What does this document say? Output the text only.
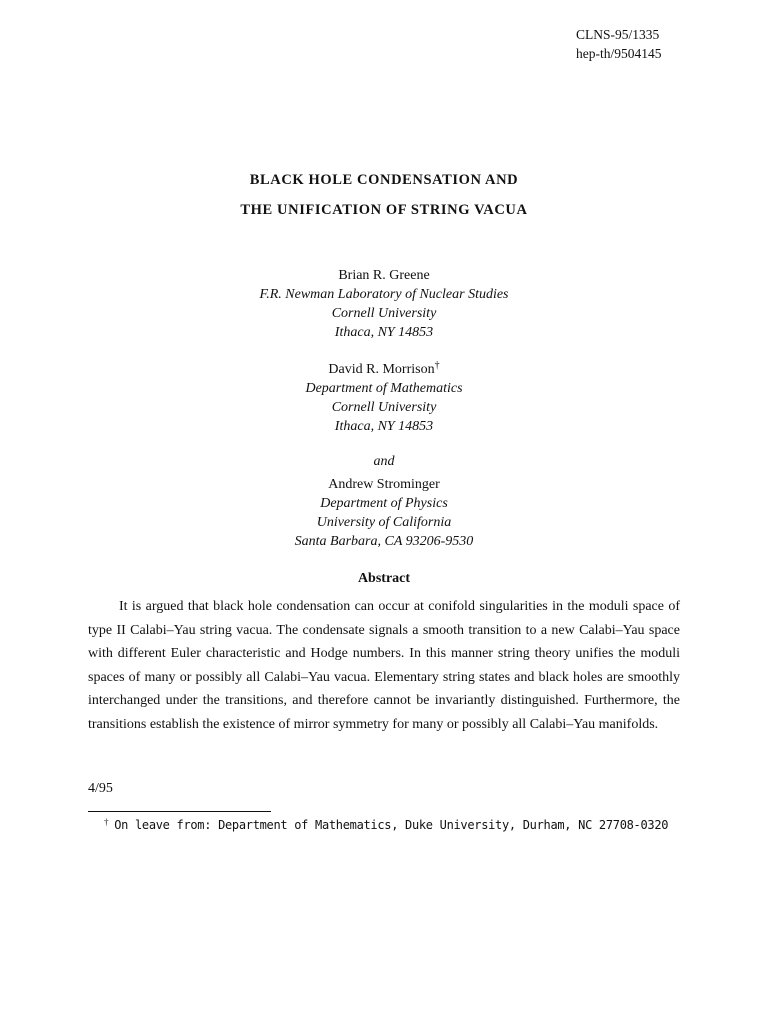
CLNS-95/1335
hep-th/9504145
BLACK HOLE CONDENSATION AND
THE UNIFICATION OF STRING VACUA
Brian R. Greene
F.R. Newman Laboratory of Nuclear Studies
Cornell University
Ithaca, NY 14853
David R. Morrison†
Department of Mathematics
Cornell University
Ithaca, NY 14853
and
Andrew Strominger
Department of Physics
University of California
Santa Barbara, CA 93206-9530
Abstract

It is argued that black hole condensation can occur at conifold singularities in the moduli space of type II Calabi–Yau string vacua. The condensate signals a smooth transition to a new Calabi–Yau space with different Euler characteristic and Hodge numbers. In this manner string theory unifies the moduli spaces of many or possibly all Calabi–Yau vacua. Elementary string states and black holes are smoothly interchanged under the transitions, and therefore cannot be invariantly distinguished. Furthermore, the transitions establish the existence of mirror symmetry for many or possibly all Calabi–Yau manifolds.

4/95
† On leave from: Department of Mathematics, Duke University, Durham, NC 27708-0320
